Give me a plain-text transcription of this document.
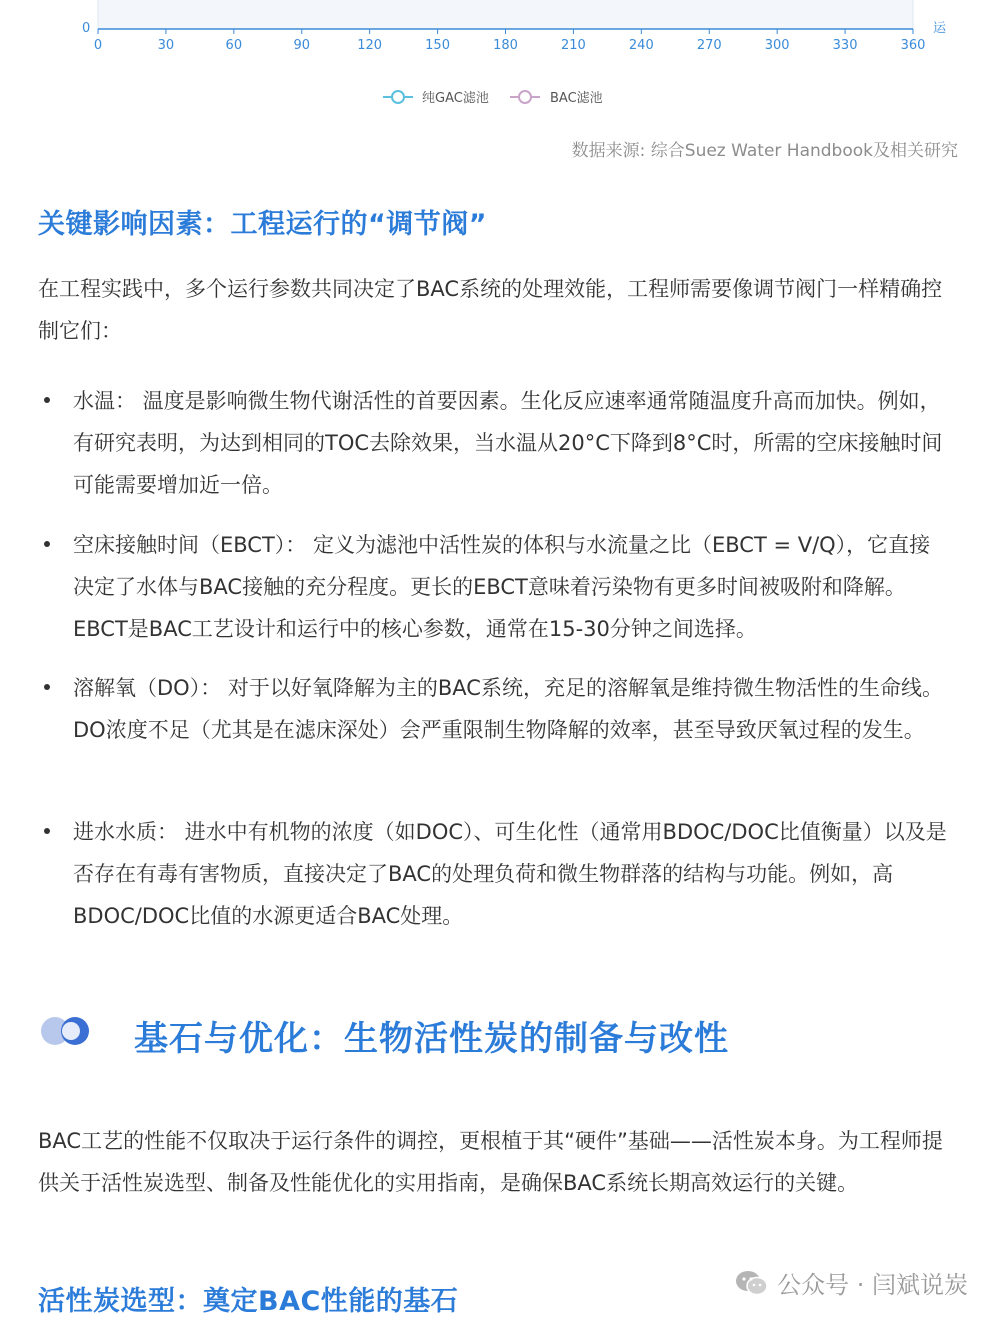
0	30	60	90	120	150	180	210	240	270	300	330	360
0	运
纯GAC滤池	BAC滤池
数据来源: 综合Suez Water Handbook及相关研究
关键影响因素：工程运行的“调节阀”
在工程实践中，多个运行参数共同决定了BAC系统的处理效能，工程师需要像调节阀门一样精确控制它们：
水温： 温度是影响微生物代谢活性的首要因素。生化反应速率通常随温度升高而加快。例如，有研究表明，为达到相同的TOC去除效果，当水温从20°C下降到8°C时，所需的空床接触时间可能需要增加近一倍。
空床接触时间（EBCT）： 定义为滤池中活性炭的体积与水流量之比（EBCT = V/Q），它直接决定了水体与BAC接触的充分程度。更长的EBCT意味着污染物有更多时间被吸附和降解。EBCT是BAC工艺设计和运行中的核心参数，通常在15-30分钟之间选择。
溶解氧（DO）： 对于以好氧降解为主的BAC系统，充足的溶解氧是维持微生物活性的生命线。DO浓度不足（尤其是在滤床深处）会严重限制生物降解的效率，甚至导致厌氧过程的发生。
进水水质： 进水中有机物的浓度（如DOC）、可生化性（通常用BDOC/DOC比值衡量）以及是否存在有毒有害物质，直接决定了BAC的处理负荷和微生物群落的结构与功能。例如，高BDOC/DOC比值的水源更适合BAC处理。
基石与优化：生物活性炭的制备与改性
BAC工艺的性能不仅取决于运行条件的调控，更根植于其“硬件”基础——活性炭本身。为工程师提供关于活性炭选型、制备及性能优化的实用指南，是确保BAC系统长期高效运行的关键。
活性炭选型：奠定BAC性能的基石
公众号 · 闫斌说炭
